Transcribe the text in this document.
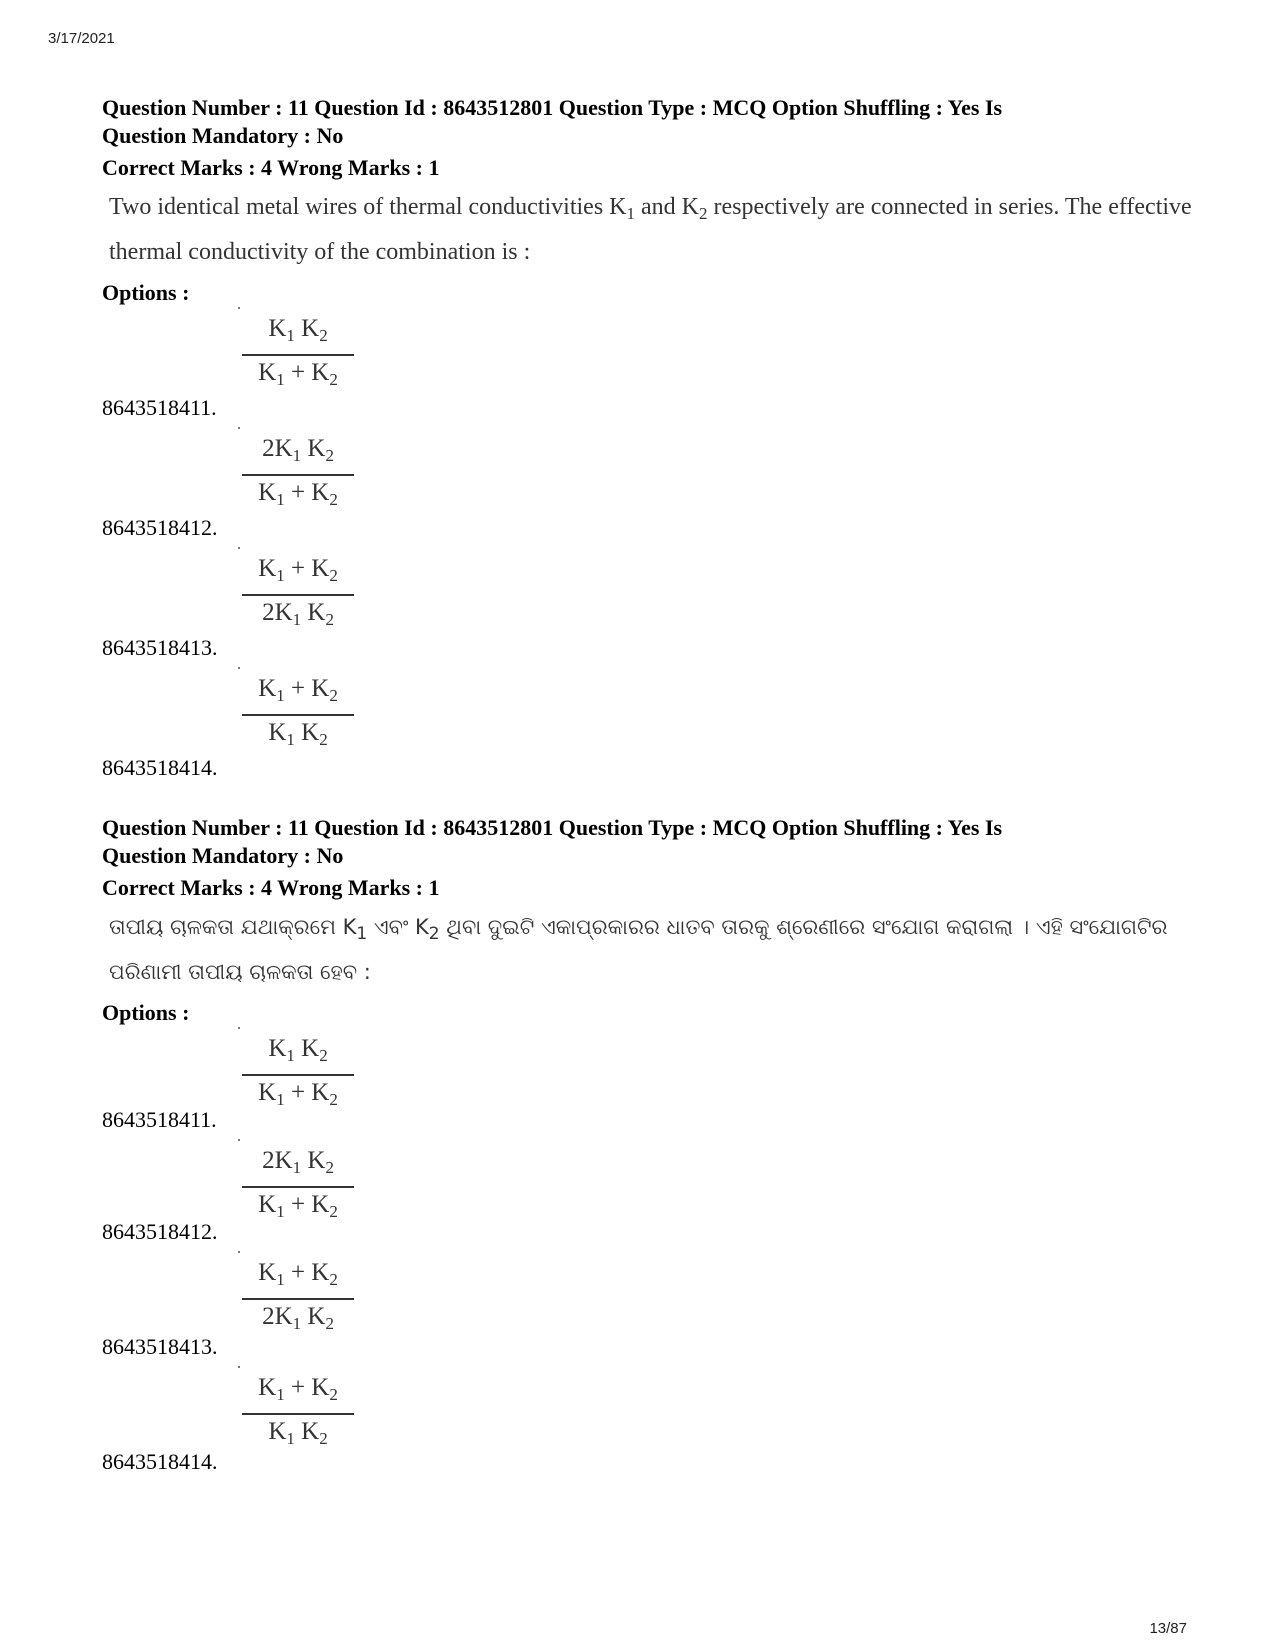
3/17/2021
Question Number : 11 Question Id : 8643512801 Question Type : MCQ Option Shuffling : Yes Is
Question Mandatory : No
Correct Marks : 4 Wrong Marks : 1
Two identical metal wires of thermal conductivities $K_1$ and $K_2$ respectively are connected in series. The effective thermal conductivity of the combination is :
Options :
$\frac{K_1 K_2}{K_1 + K_2}$
8643518411.
$\frac{2K_1 K_2}{K_1 + K_2}$
8643518412.
$\frac{K_1 + K_2}{2K_1 K_2}$
8643518413.
$\frac{K_1 + K_2}{K_1 K_2}$
8643518414.
Question Number : 11 Question Id : 8643512801 Question Type : MCQ Option Shuffling : Yes Is
Question Mandatory : No
Correct Marks : 4 Wrong Marks : 1
ତାପୀୟ ଚାଳକତା ଯଥାକ୍ରମେ $K_1$ ଏବଂ $K_2$ ଥିବା ଦୁଇଟି ଏକାପ୍ରକାରର ଧାତବ ତାରକୁ ଶ୍ରେଣୀରେ ସଂଯୋଗ କରାଗଲା । ଏହି ସଂଯୋଗଟିର ପରିଣାମୀ ତାପୀୟ ଚାଳକତା ହେବ :
Options :
$\frac{K_1 K_2}{K_1 + K_2}$
8643518411.
$\frac{2K_1 K_2}{K_1 + K_2}$
8643518412.
$\frac{K_1 + K_2}{2K_1 K_2}$
8643518413.
$\frac{K_1 + K_2}{K_1 K_2}$
8643518414.
13/87
